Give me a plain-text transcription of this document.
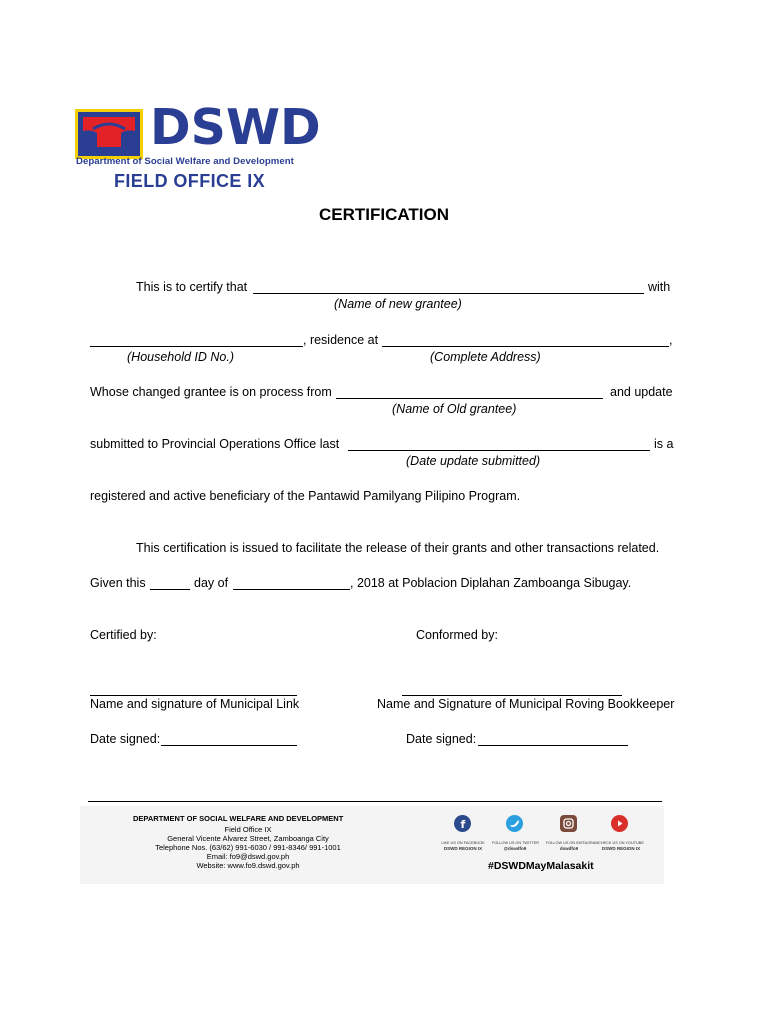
DSWD
Department of Social Welfare and Development
FIELD OFFICE IX
CERTIFICATION
This is to certify that	with
(Name of new grantee)
, residence at	,
(Household ID No.)	(Complete Address)
Whose changed grantee is on process from	and update
(Name of Old grantee)
submitted to Provincial Operations Office last	is a
(Date update submitted)
registered and active beneficiary of the Pantawid Pamilyang Pilipino Program.
This certification is issued to facilitate the release of their grants and other transactions related.
Given this	day of	, 2018 at Poblacion Diplahan Zamboanga Sibugay.
Certified by:	Conformed by:
Name and signature of Municipal Link	Name and Signature of Municipal Roving Bookkeeper
Date signed:	Date signed:
DEPARTMENT OF SOCIAL WELFARE AND DEVELOPMENT
Field Office IX
General Vicente Alvarez Street, Zamboanga City
Telephone Nos. (63/62) 991-6030 / 991-8346/ 991-1001
Email: fo9@dswd.gov.ph
Website: www.fo9.dswd.gov.ph
f
LIKE US ON FACEBOOK
DSWD REGION IX
FOLLOW US ON TWITTER
@dswdfo9
FOLLOW US ON INSTAGRAM
dswdfo9
CHECK US ON YOUTUBE
DSWD REGION IX
#DSWDMayMalasakit
